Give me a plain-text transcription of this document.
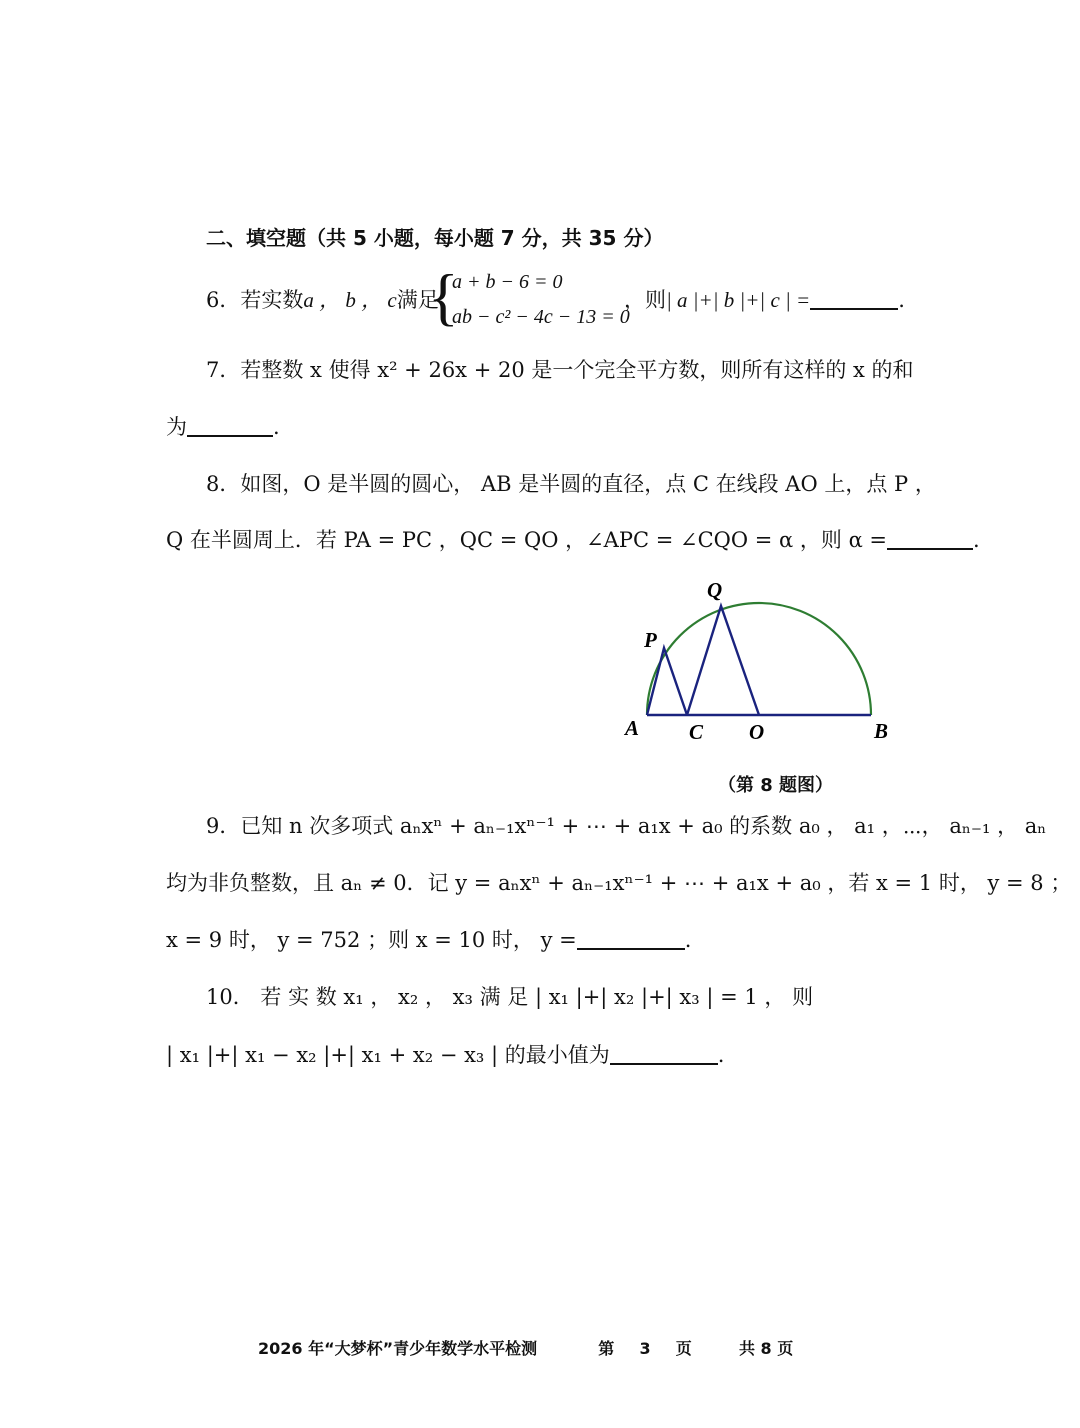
二、填空题（共 5 小题，每小题 7 分，共 35 分）
6．若实数a ， b ， c满足
{
a + b − 6 = 0
ab − c² − 4c − 13 = 0
，则| a |+| b |+| c | =	.
7．若整数 x 使得 x² + 26x + 20 是一个完全平方数，则所有这样的 x 的和
为	.
8．如图，O 是半圆的圆心， AB 是半圆的直径，点 C 在线段 AO 上，点 P ，
Q 在半圆周上．若 PA = PC ，QC = QO ，∠APC = ∠CQO = α ，则 α =	.
A	B
C O
P
Q
（第 8 题图）
9．已知 n 次多项式 aₙxⁿ + aₙ₋₁xⁿ⁻¹ + ⋯ + a₁x + a₀ 的系数 a₀ ， a₁ ，⋯， aₙ₋₁ ， aₙ
均为非负整数，且 aₙ ≠ 0．记 y = aₙxⁿ + aₙ₋₁xⁿ⁻¹ + ⋯ + a₁x + a₀ ，若 x = 1 时， y = 8 ；
x = 9 时， y = 752 ；则 x = 10 时， y =	.
10． 若 实 数 x₁ ， x₂ ， x₃ 满 足 | x₁ |+| x₂ |+| x₃ | = 1 ， 则
| x₁ |+| x₁ − x₂ |+| x₁ + x₂ − x₃ | 的最小值为	.
2026 年“大梦杯”青少年数学水平检测	第 3 页	共 8 页
